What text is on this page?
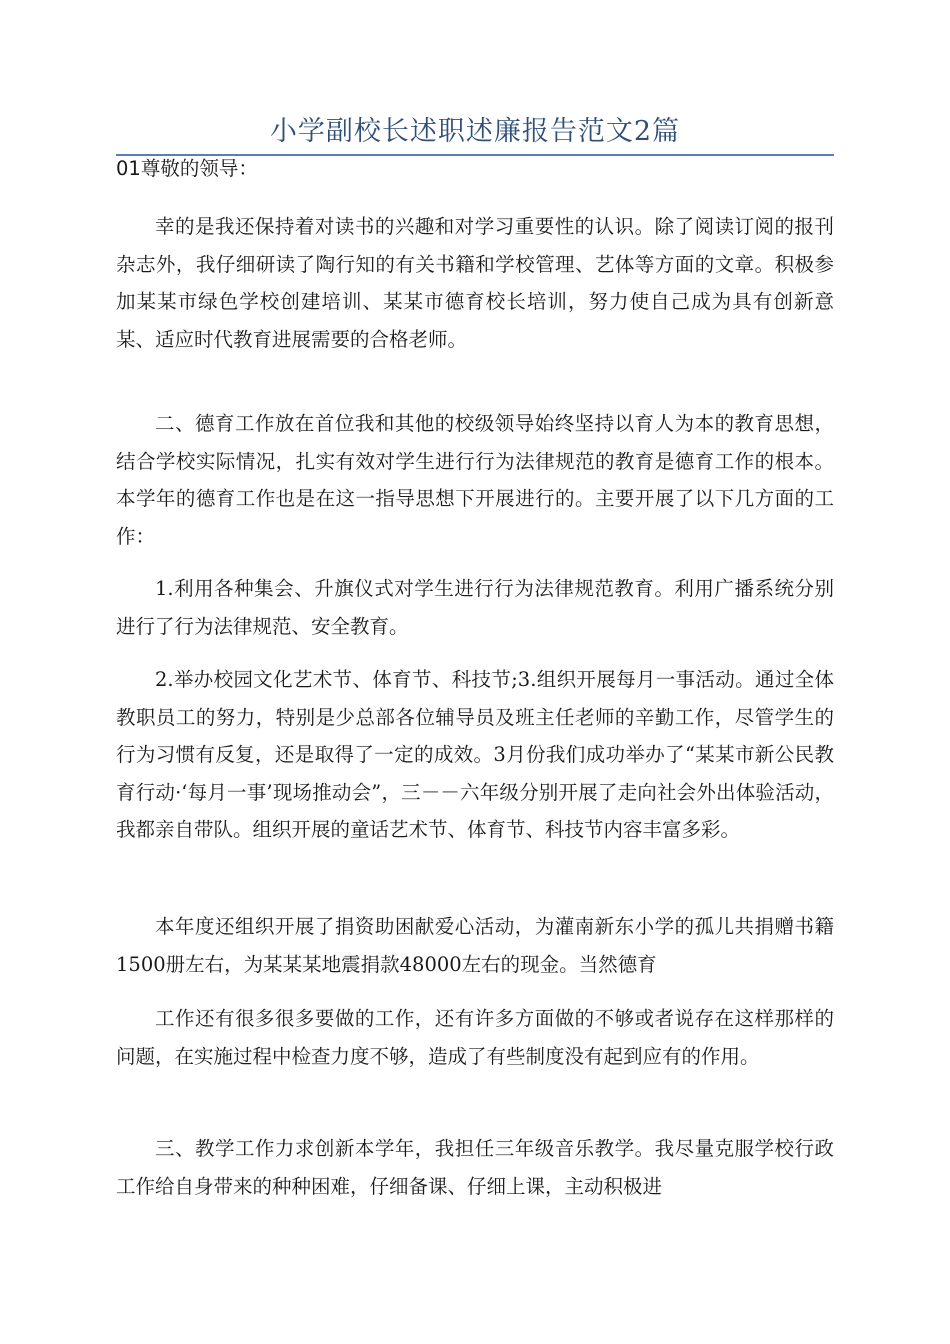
小学副校长述职述廉报告范文2篇
01尊敬的领导：

幸的是我还保持着对读书的兴趣和对学习重要性的认识。除了阅读订阅的报刊杂志外，我仔细研读了陶行知的有关书籍和学校管理、艺体等方面的文章。积极参加某某市绿色学校创建培训、某某市德育校长培训，努力使自己成为具有创新意某、适应时代教育进展需要的合格老师。

二、德育工作放在首位我和其他的校级领导始终坚持以育人为本的教育思想，结合学校实际情况，扎实有效对学生进行行为法律规范的教育是德育工作的根本。本学年的德育工作也是在这一指导思想下开展进行的。主要开展了以下几方面的工作：

1.利用各种集会、升旗仪式对学生进行行为法律规范教育。利用广播系统分别进行了行为法律规范、安全教育。

2.举办校园文化艺术节、体育节、科技节;3.组织开展每月一事活动。通过全体教职员工的努力，特别是少总部各位辅导员及班主任老师的辛勤工作，尽管学生的行为习惯有反复，还是取得了一定的成效。3月份我们成功举办了“某某市新公民教育行动·‘每月一事’现场推动会”，三－－六年级分别开展了走向社会外出体验活动，我都亲自带队。组织开展的童话艺术节、体育节、科技节内容丰富多彩。

本年度还组织开展了捐资助困献爱心活动，为灌南新东小学的孤儿共捐赠书籍1500册左右，为某某某地震捐款48000左右的现金。当然德育

工作还有很多很多要做的工作，还有许多方面做的不够或者说存在这样那样的问题，在实施过程中检查力度不够，造成了有些制度没有起到应有的作用。

三、教学工作力求创新本学年，我担任三年级音乐教学。我尽量克服学校行政工作给自身带来的种种困难，仔细备课、仔细上课，主动积极进
